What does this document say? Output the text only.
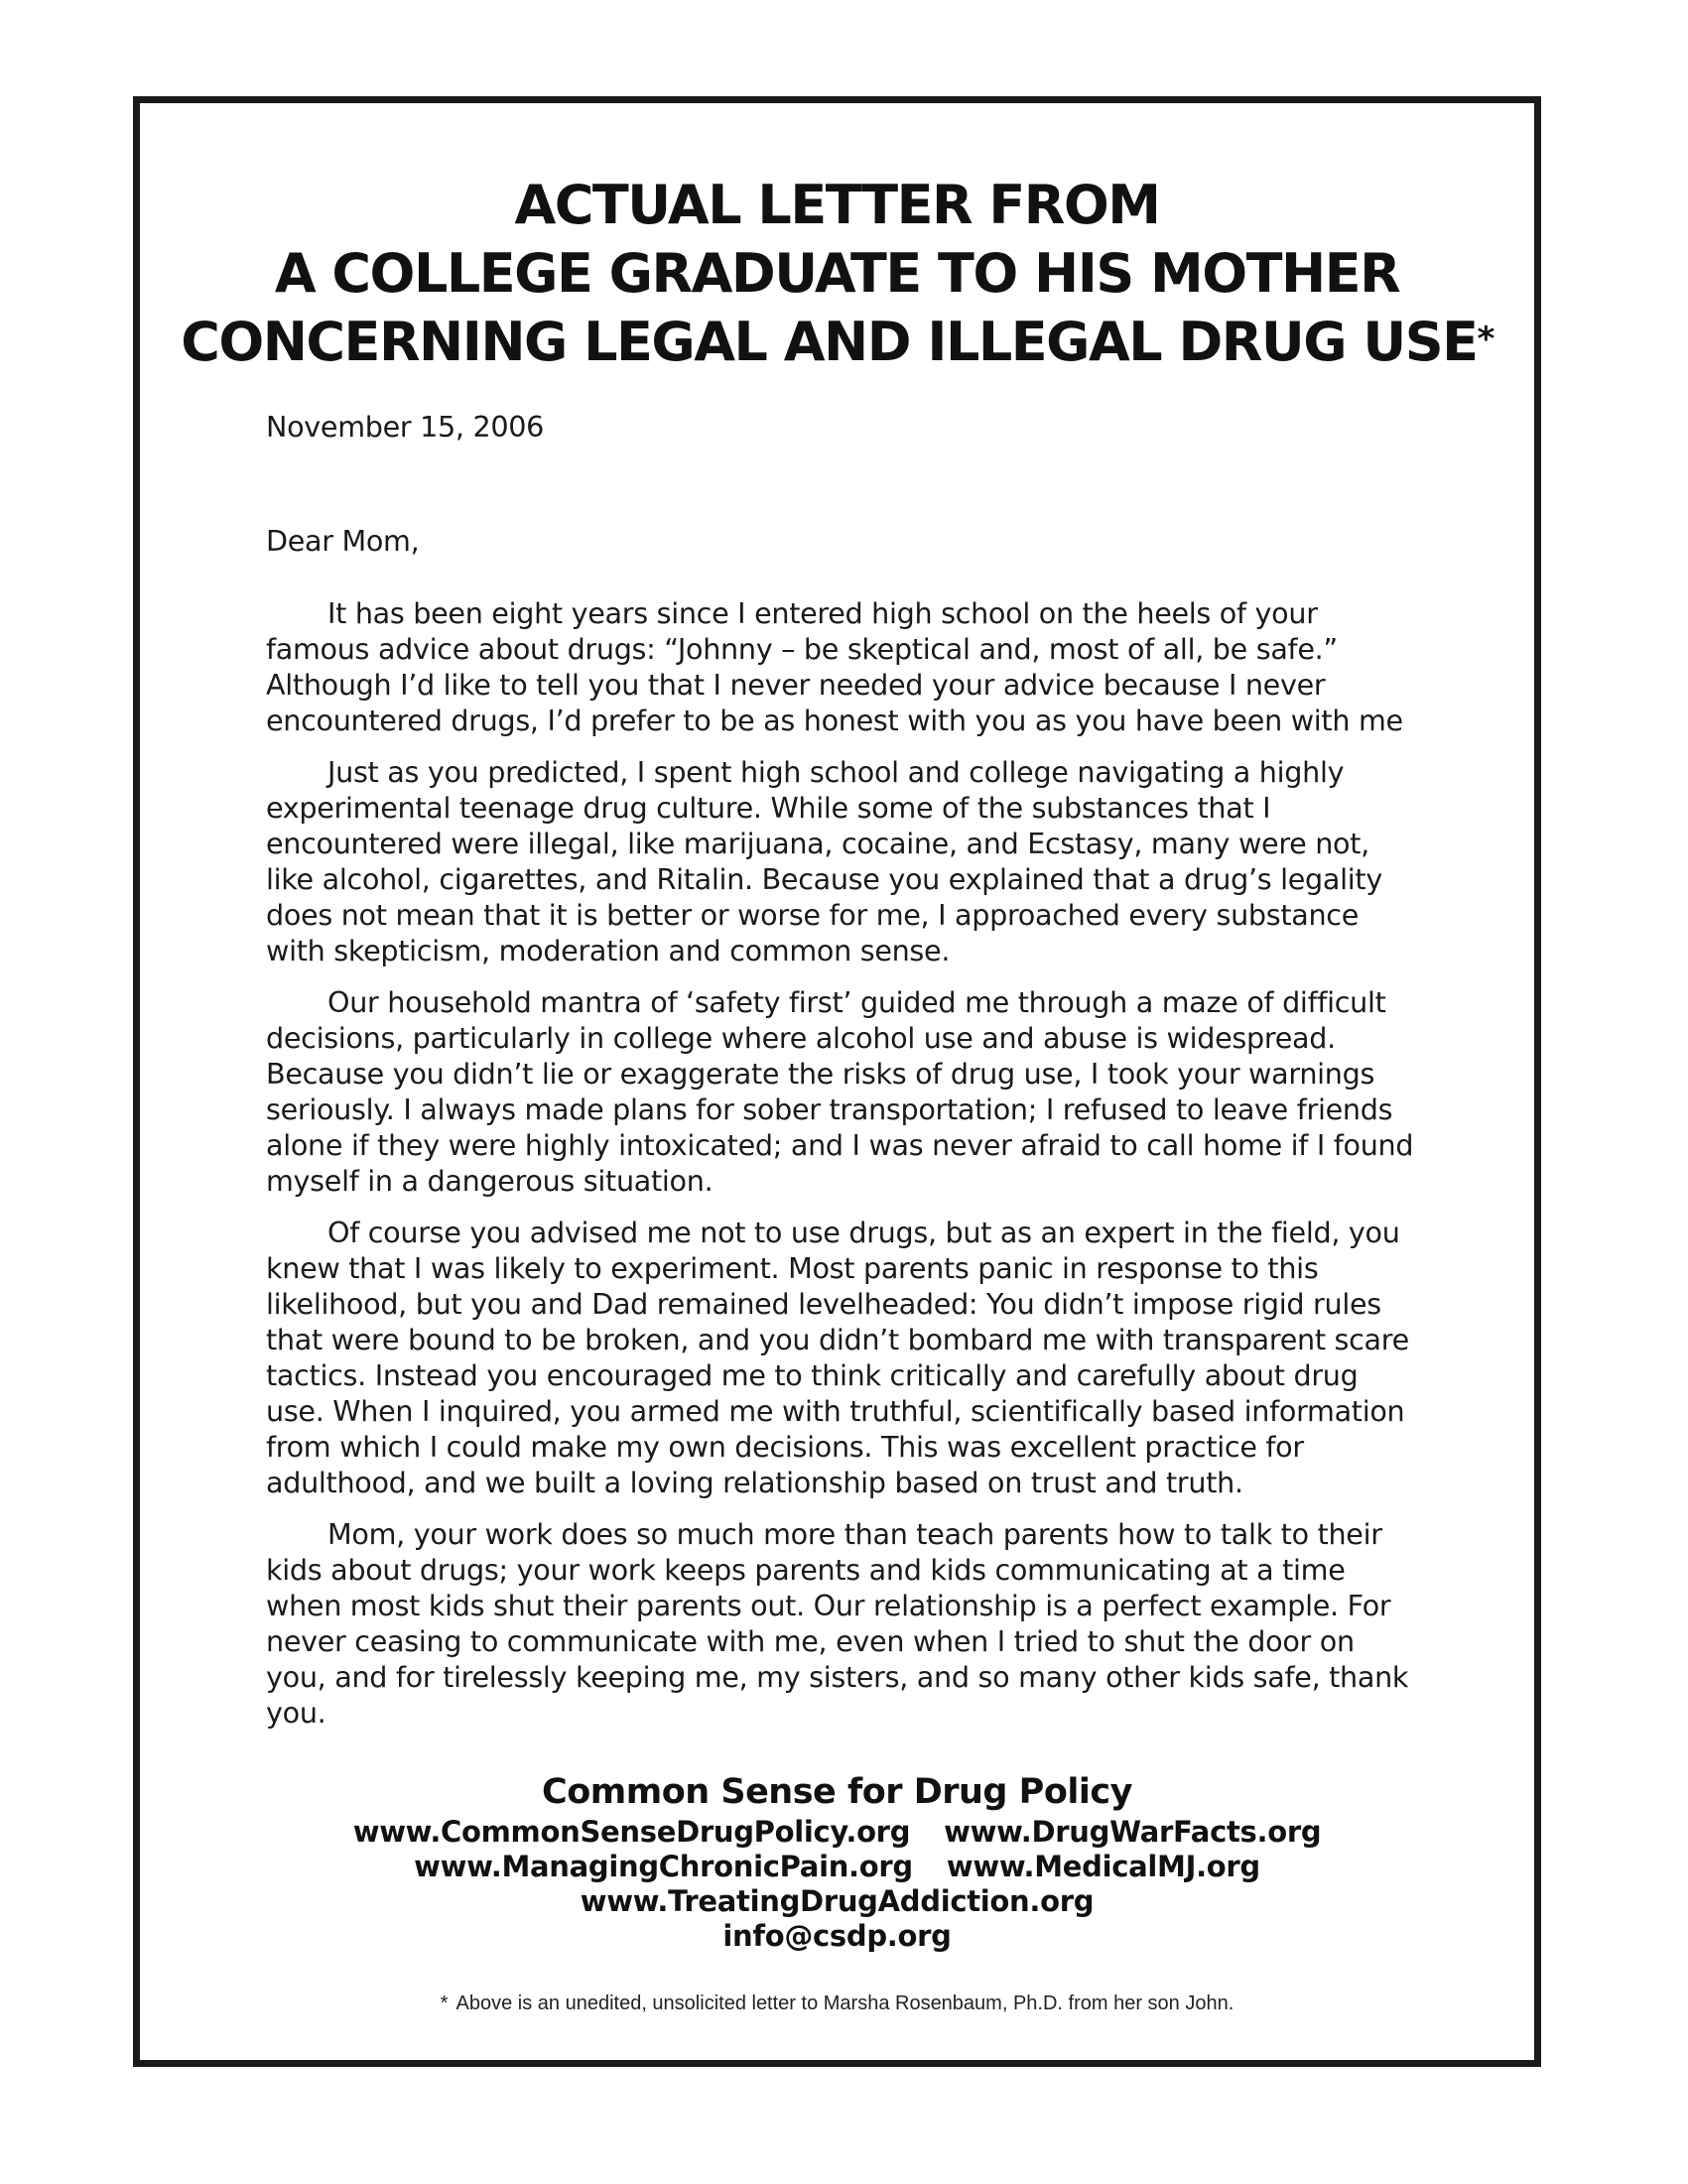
ACTUAL LETTER FROM
A COLLEGE GRADUATE TO HIS MOTHER
CONCERNING LEGAL AND ILLEGAL DRUG USE*

November 15, 2006

Dear Mom,

It has been eight years since I entered high school on the heels of your famous advice about drugs: “Johnny – be skeptical and, most of all, be safe.” Although I’d like to tell you that I never needed your advice because I never encountered drugs, I’d prefer to be as honest with you as you have been with me

Just as you predicted, I spent high school and college navigating a highly experimental teenage drug culture. While some of the substances that I encountered were illegal, like marijuana, cocaine, and Ecstasy, many were not, like alcohol, cigarettes, and Ritalin. Because you explained that a drug’s legality does not mean that it is better or worse for me, I approached every substance with skepticism, moderation and common sense.

Our household mantra of ‘safety first’ guided me through a maze of difficult decisions, particularly in college where alcohol use and abuse is widespread. Because you didn’t lie or exaggerate the risks of drug use, I took your warnings seriously. I always made plans for sober transportation; I refused to leave friends alone if they were highly intoxicated; and I was never afraid to call home if I found myself in a dangerous situation.

Of course you advised me not to use drugs, but as an expert in the field, you knew that I was likely to experiment. Most parents panic in response to this likelihood, but you and Dad remained levelheaded: You didn’t impose rigid rules that were bound to be broken, and you didn’t bombard me with transparent scare tactics. Instead you encouraged me to think critically and carefully about drug use. When I inquired, you armed me with truthful, scientifically based information from which I could make my own decisions. This was excellent practice for adulthood, and we built a loving relationship based on trust and truth.

Mom, your work does so much more than teach parents how to talk to their kids about drugs; your work keeps parents and kids communicating at a time when most kids shut their parents out. Our relationship is a perfect example. For never ceasing to communicate with me, even when I tried to shut the door on you, and for tirelessly keeping me, my sisters, and so many other kids safe, thank you.

Common Sense for Drug Policy
www.CommonSenseDrugPolicy.org www.DrugWarFacts.org
www.ManagingChronicPain.org www.MedicalMJ.org
www.TreatingDrugAddiction.org
info@csdp.org
* Above is an unedited, unsolicited letter to Marsha Rosenbaum, Ph.D. from her son John.
